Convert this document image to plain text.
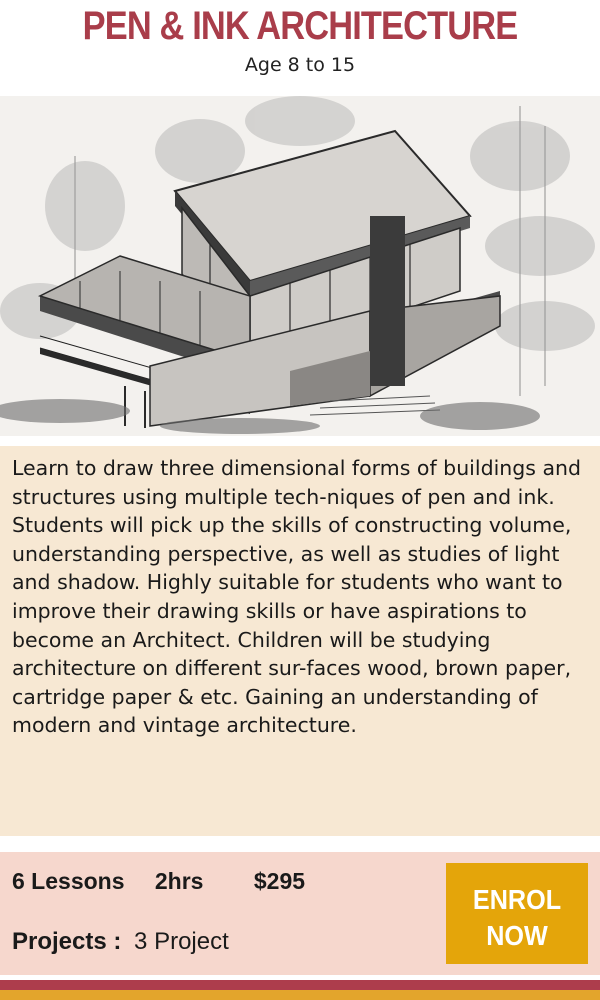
PEN & INK ARCHITECTURE
Age 8 to 15

Learn to draw three dimensional forms of buildings and structures using multiple tech-niques of pen and ink. Students will pick up the skills of constructing volume, understanding perspective, as well as studies of light and shadow. Highly suitable for students who want to improve their drawing skills or have aspirations to become an Architect. Children will be studying architecture on different sur-faces wood, brown paper, cartridge paper & etc. Gaining an understanding of modern and vintage architecture.

6 Lessons 2hrs $295
Projects : 3 Project
ENROL
NOW
